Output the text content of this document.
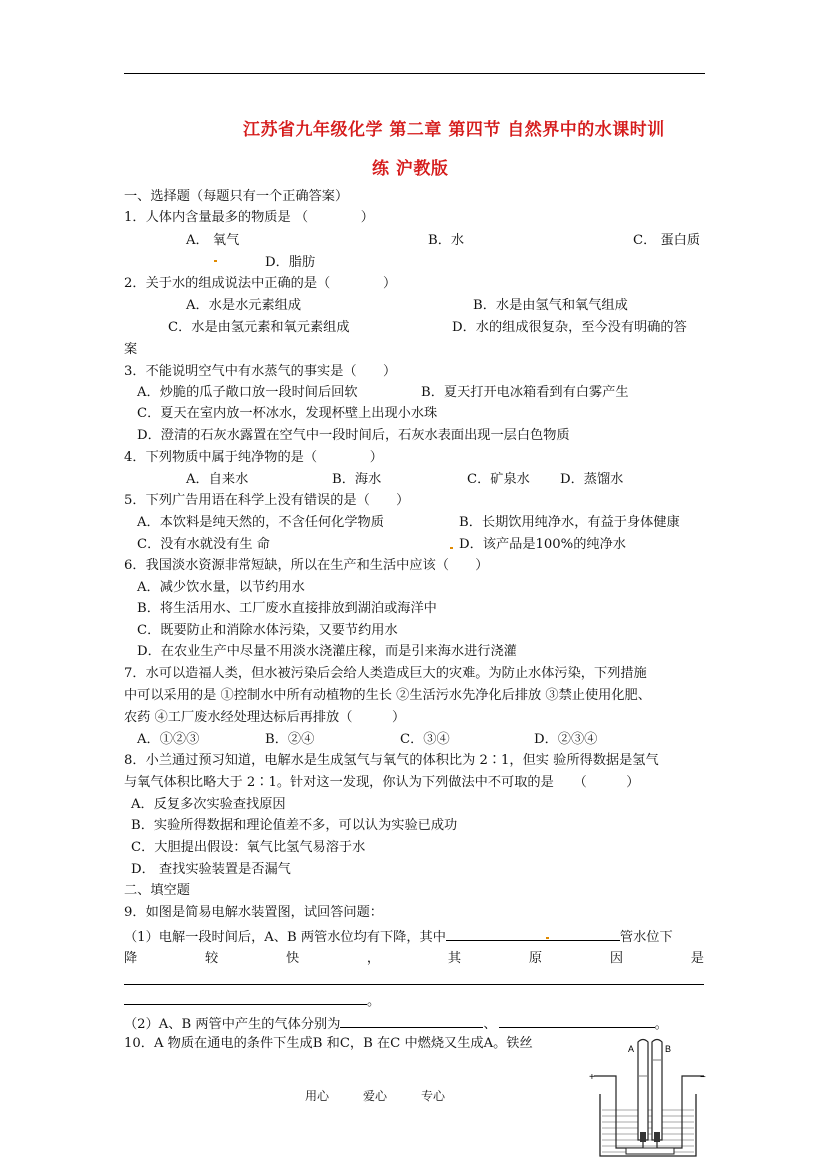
江苏省九年级化学 第二章 第四节 自然界中的水课时训
练 沪教版
一、选择题（每题只有一个正确答案）
1．人体内含量最多的物质是 （　　　　）
A． 氧气	B．水	C． 蛋白质
D．脂肪
2．关于水的组成说法中正确的是（　　　　）
A．水是水元素组成	B．水是由氢气和氧气组成
C．水是由氢元素和氧元素组成	D．水的组成很复杂，至今没有明确的答
案
3．不能说明空气中有水蒸气的事实是（　　）
A．炒脆的瓜子敞口放一段时间后回软	B．夏天打开电冰箱看到有白雾产生
C．夏天在室内放一杯冰水，发现杯壁上出现小水珠
D．澄清的石灰水露置在空气中一段时间后，石灰水表面出现一层白色物质
4．下列物质中属于纯净物的是（　　　　）
A．自来水	B．海水	C．矿泉水 D．蒸馏水
5．下列广告用语在科学上没有错误的是（　　）
A．本饮料是纯天然的，不含任何化学物质	B．长期饮用纯净水，有益于身体健康
C．没有水就没有生 命	D．该产品是100%的纯净水
6．我国淡水资源非常短缺，所以在生产和生活中应该（　　）
A．减少饮水量，以节约用水
B．将生活用水、工厂废水直接排放到湖泊或海洋中
C．既要防止和消除水体污染，又要节约用水
D．在农业生产中尽量不用淡水浇灌庄稼，而是引来海水进行浇灌
7．水可以造福人类，但水被污染后会给人类造成巨大的灾难。为防止水体污染，下列措施
中可以采用的是 ①控制水中所有动植物的生长 ②生活污水先净化后排放 ③禁止使用化肥、
农药 ④工厂废水经处理达标后再排放（　　　）
A．①②③	B．②④	C．③④	D．②③④
8．小兰通过预习知道，电解水是生成氢气与氧气的体积比为 2∶1，但实 验所得数据是氢气
与氧气体积比略大于 2∶1。针对这一发现，你认为下列做法中不可取的是　　（　　　）
A．反复多次实验查找原因
B．实验所得数据和理论值差不多，可以认为实验已成功
C．大胆提出假设：氧气比氢气易溶于水
D． 查找实验装置是否漏气
二、填空题
9．如图是简易电解水装置图，试回答问题：
（1）电解一段时间后，A、B 两管水位均有下降，其中	管水位下
降	较	快	，	其	原	因	是
。
（2）A、B 两管中产生的气体分别为	、	。
10．A 物质在通电的条件下生成B 和C，B 在C 中燃烧又生成A。铁丝	A	B
+	−
用心	爱心	专心
